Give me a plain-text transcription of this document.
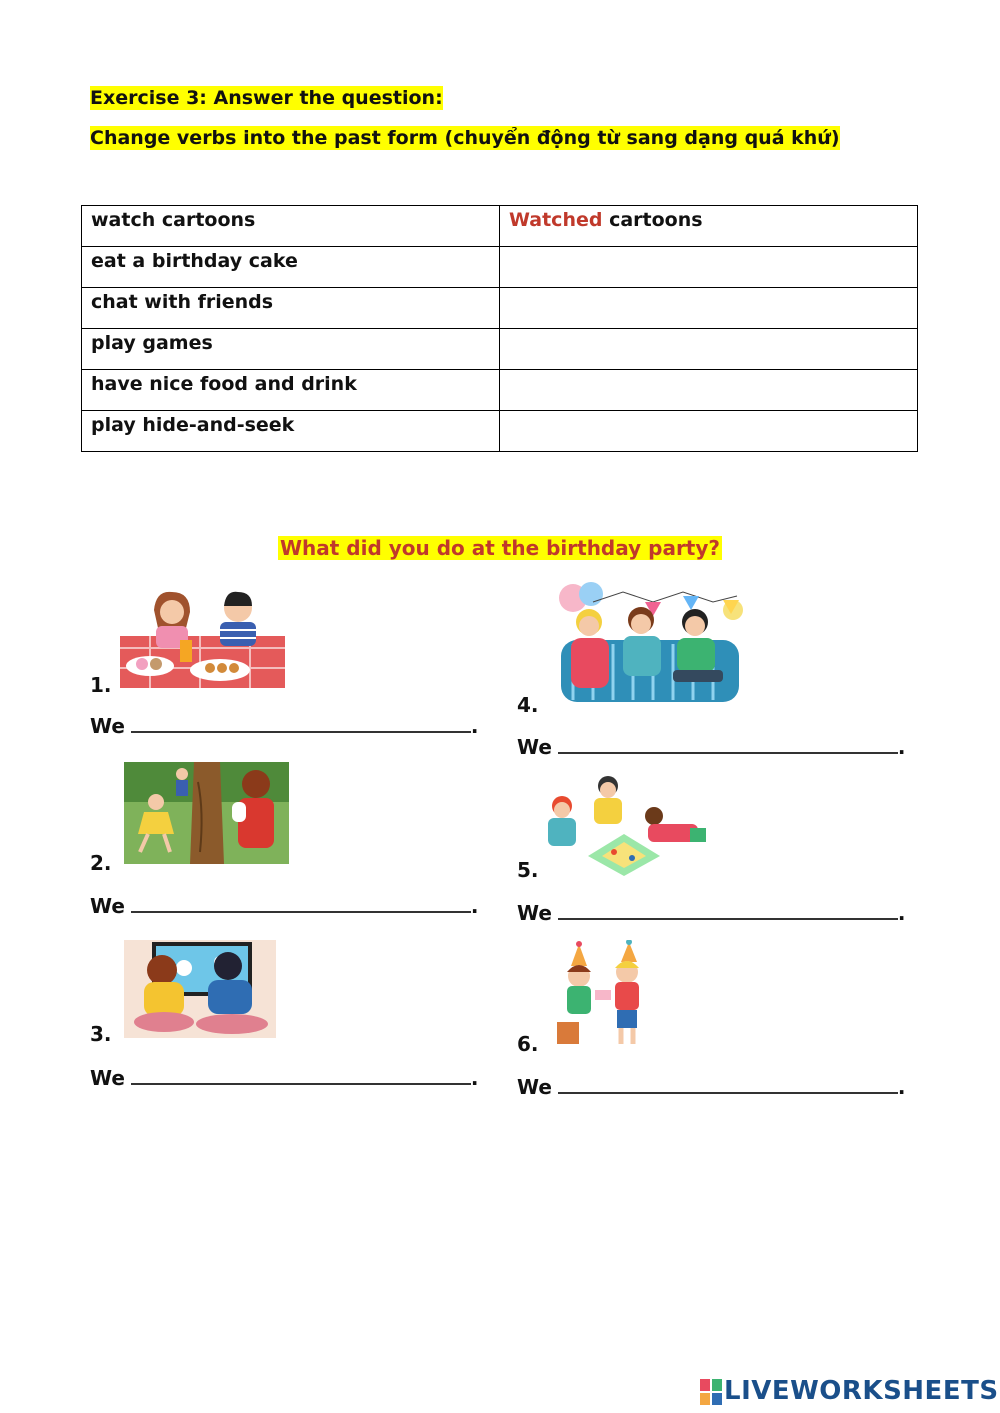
Exercise 3: Answer the question:
Change verbs into the past form (chuyển động từ sang dạng quá khứ)
watch cartoons	Watched cartoons
eat a birthday cake	
chat with friends	
play games	
have nice food and drink	
play hide-and-seek	
What did you do at the birthday party?
1.
We	.
2.
We	.
3.
We	.
4.
We	.
5.
We	.
6.
We	.
LIVEWORKSHEETS
